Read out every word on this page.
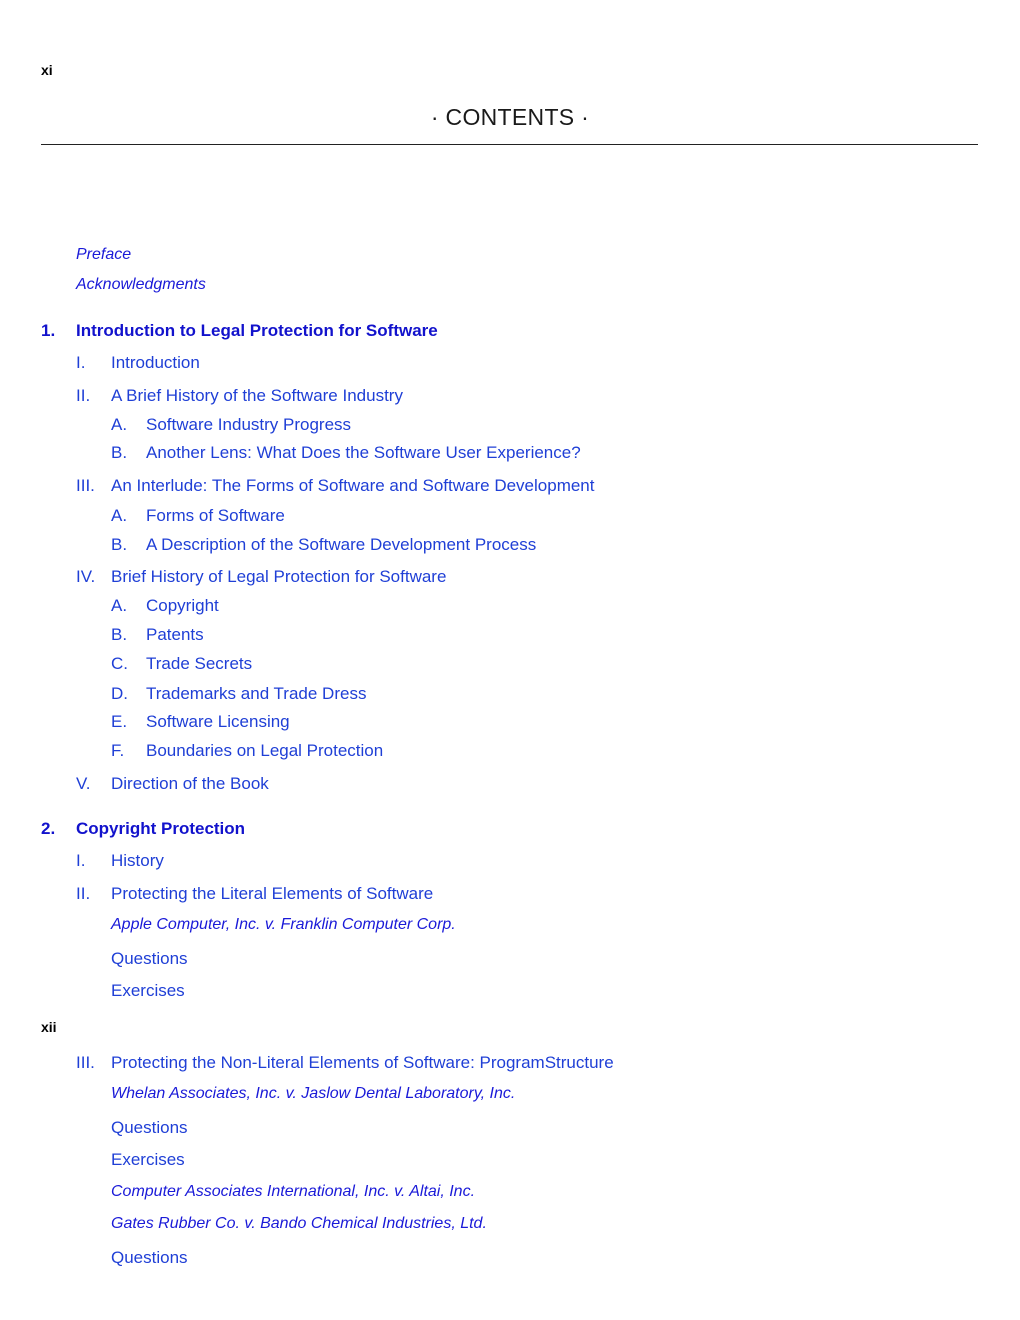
xi
· CONTENTS ·
Preface
Acknowledgments
1. Introduction to Legal Protection for Software
I. Introduction
II. A Brief History of the Software Industry
A. Software Industry Progress
B. Another Lens: What Does the Software User Experience?
III. An Interlude: The Forms of Software and Software Development
A. Forms of Software
B. A Description of the Software Development Process
IV. Brief History of Legal Protection for Software
A. Copyright
B. Patents
C. Trade Secrets
D. Trademarks and Trade Dress
E. Software Licensing
F. Boundaries on Legal Protection
V. Direction of the Book
2. Copyright Protection
I. History
II. Protecting the Literal Elements of Software
Apple Computer, Inc. v. Franklin Computer Corp.
Questions
Exercises
xii
III. Protecting the Non-Literal Elements of Software: ProgramStructure
Whelan Associates, Inc. v. Jaslow Dental Laboratory, Inc.
Questions
Exercises
Computer Associates International, Inc. v. Altai, Inc.
Gates Rubber Co. v. Bando Chemical Industries, Ltd.
Questions
